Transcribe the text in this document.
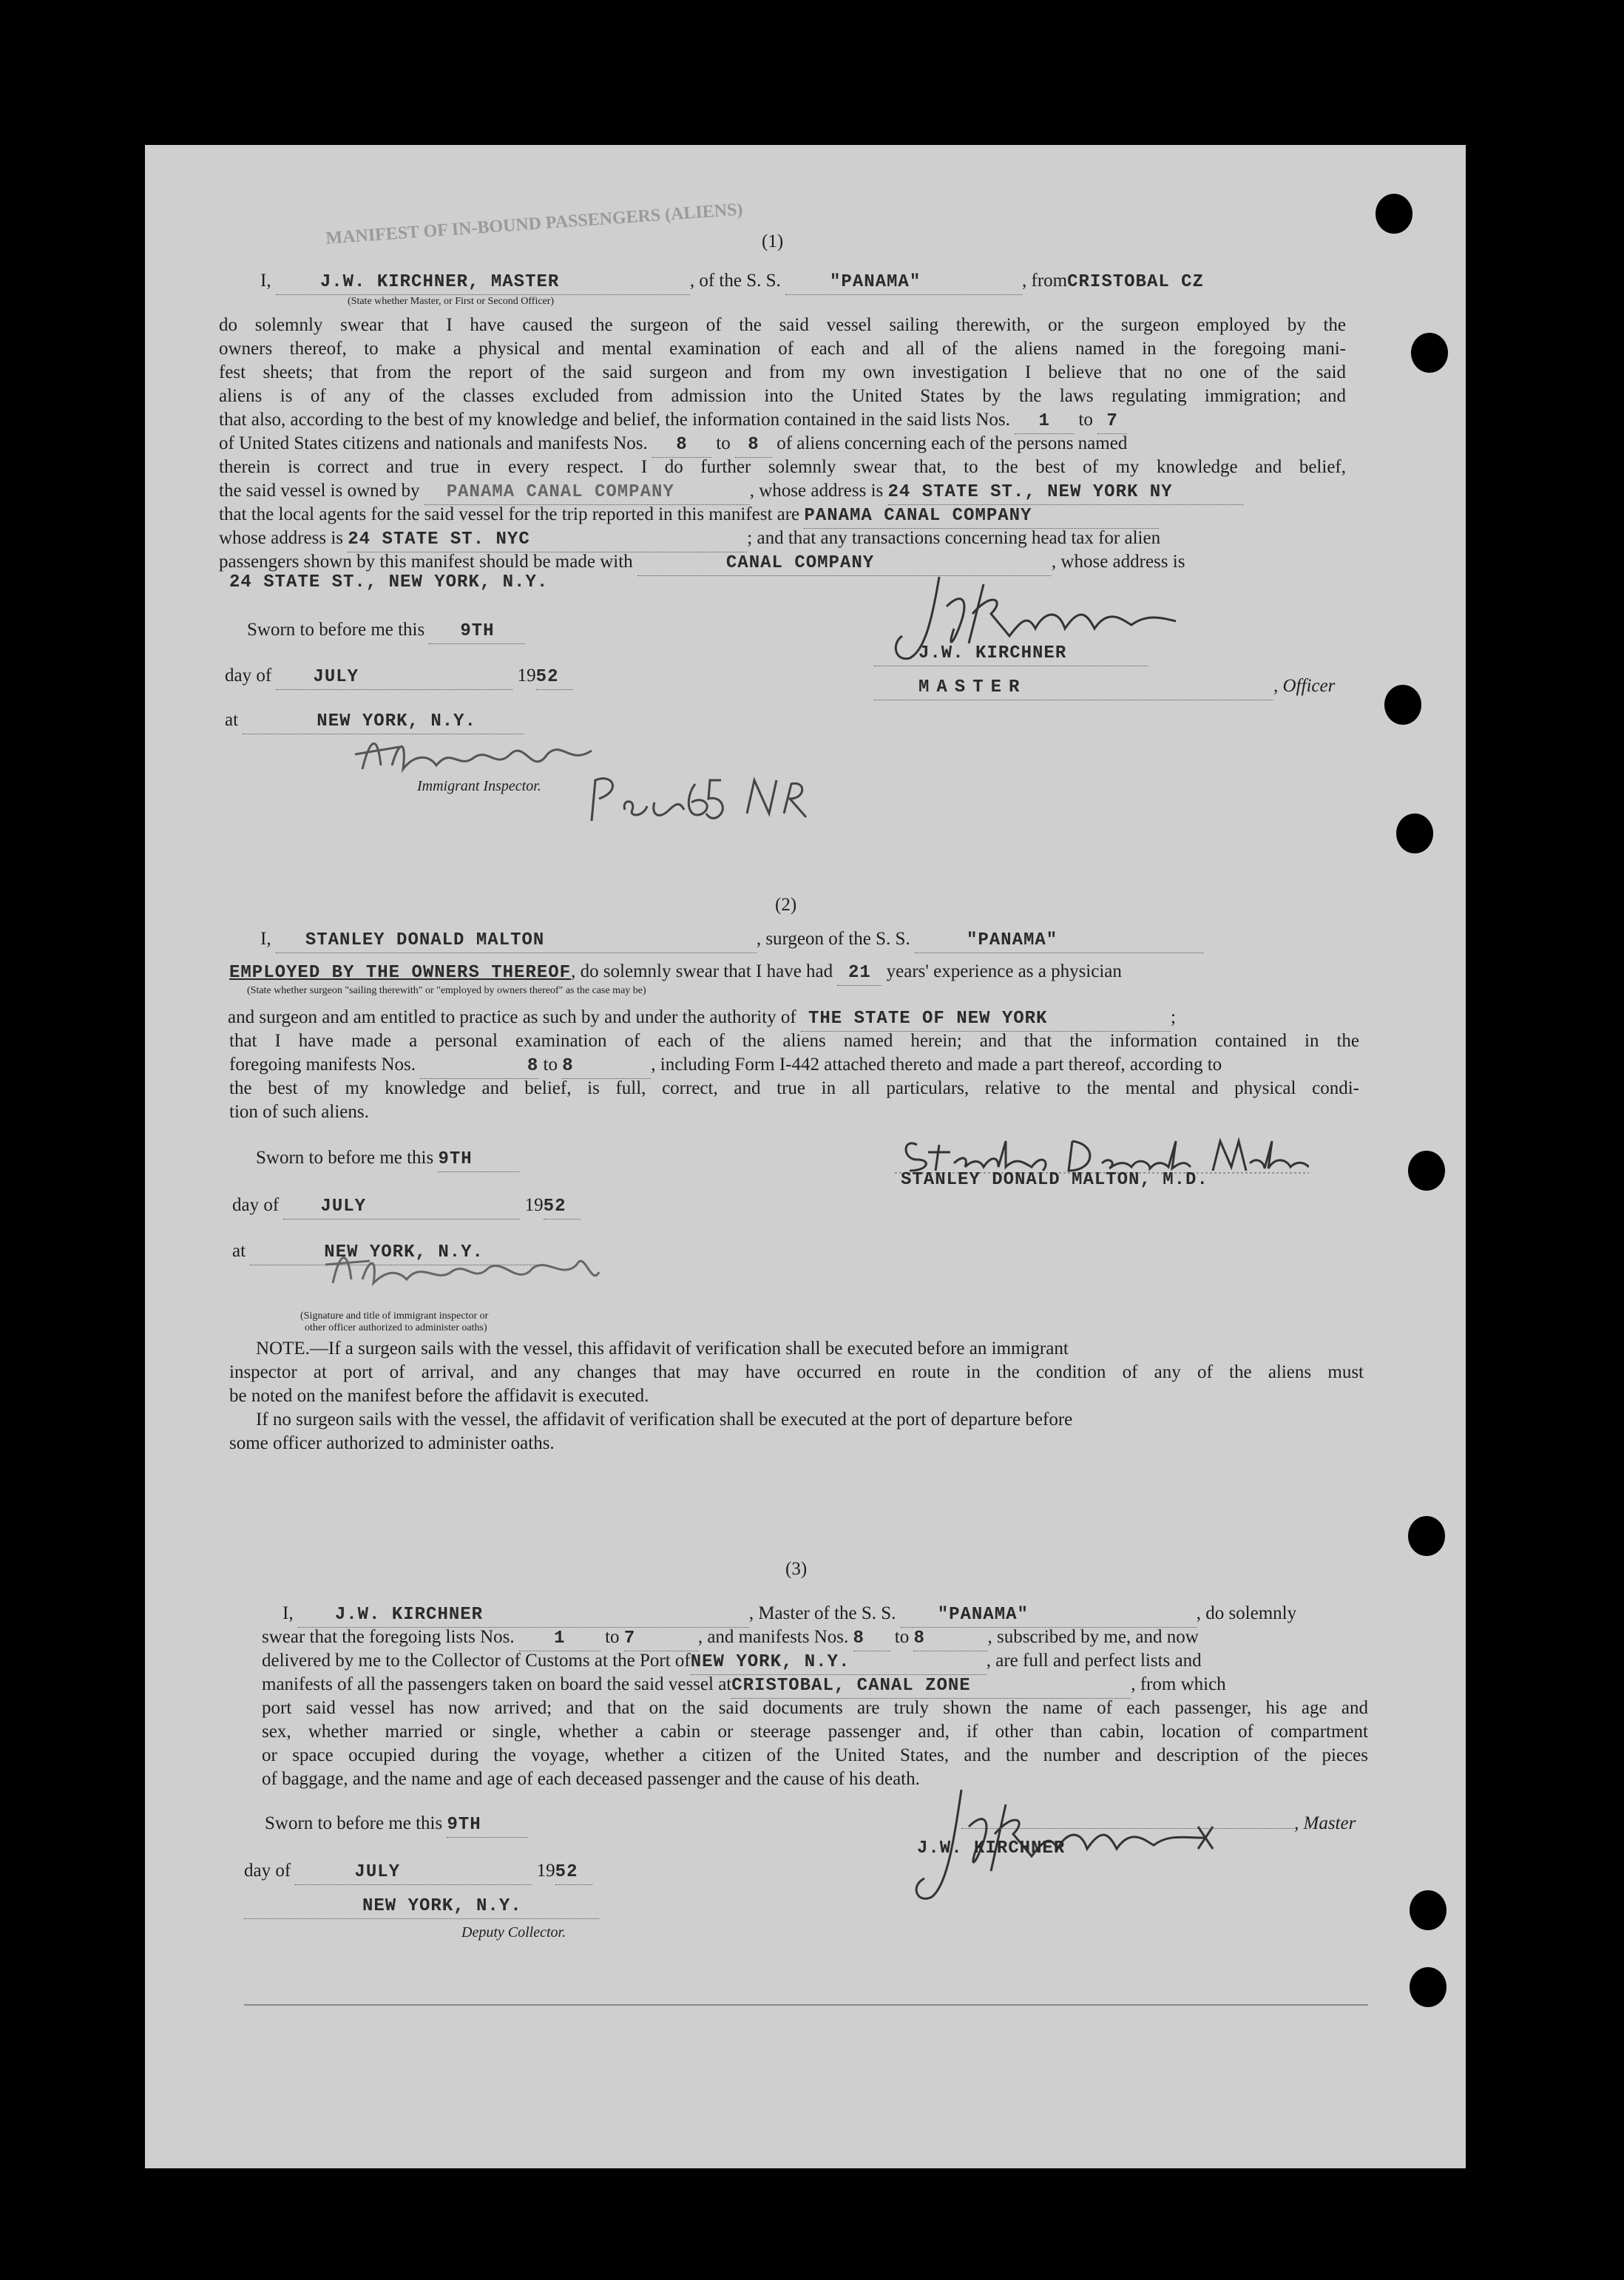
MANIFEST OF IN-BOUND PASSENGERS (ALIENS) (1)
I,	J.W. KIRCHNER, MASTER	, of the S. S.	"PANAMA"	, fromCRISTOBAL CZ
(State whether Master, or First or Second Officer)
do solemnly swear that I have caused the surgeon of the said vessel sailing therewith, or the surgeon employed by the
owners thereof, to make a physical and mental examination of each and all of the aliens named in the foregoing mani-
fest sheets; that from the report of the said surgeon and from my own investigation I believe that no one of the said
aliens is of any of the classes excluded from admission into the United States by the laws regulating immigration; and
that also, according to the best of my knowledge and belief, the information contained in the said lists Nos. 1 to 7
of United States citizens and nationals and manifests Nos. 8 to 8 of aliens concerning each of the persons named
therein is correct and true in every respect. I do further solemnly swear that, to the best of my knowledge and belief,
the said vessel is owned by PANAMA CANAL COMPANY	, whose address is 24 STATE ST., NEW YORK NY
that the local agents for the said vessel for the trip reported in this manifest are PANAMA CANAL COMPANY
whose address is 24 STATE ST. NYC	; and that any transactions concerning head tax for alien
passengers shown by this manifest should be made with	CANAL COMPANY	, whose address is
24 STATE ST., NEW YORK, N.Y.
Sworn to before me this 9TH
day of JULY	1952
at	NEW YORK, N.Y.
Immigrant Inspector.
J.W. KIRCHNER
MASTER	, Officer
(2)
I, STANLEY DONALD MALTON	, surgeon of the S. S.	"PANAMA"
EMPLOYED BY THE OWNERS THEREOF, do solemnly swear that I have had 21 years' experience as a physician
(State whether surgeon "sailing therewith" or "employed by owners thereof" as the case may be)
and surgeon and am entitled to practice as such by and under the authority of THE STATE OF NEW YORK	;
that I have made a personal examination of each of the aliens named herein; and that the information contained in the
foregoing manifests Nos.	8 to 8	, including Form I-442 attached thereto and made a part thereof, according to
the best of my knowledge and belief, is full, correct, and true in all particulars, relative to the mental and physical condi-
tion of such aliens.
Sworn to before me this 9TH
day of JULY	1952
at	NEW YORK, N.Y.
(Signature and title of immigrant inspector or
other officer authorized to administer oaths)
STANLEY DONALD MALTON, M.D.
NOTE.—If a surgeon sails with the vessel, this affidavit of verification shall be executed before an immigrant
inspector at port of arrival, and any changes that may have occurred en route in the condition of any of the aliens must
be noted on the manifest before the affidavit is executed.
If no surgeon sails with the vessel, the affidavit of verification shall be executed at the port of departure before
some officer authorized to administer oaths.
(3)
I, J.W. KIRCHNER	, Master of the S. S. "PANAMA"	, do solemnly
swear that the foregoing lists Nos. 1 to 7	, and manifests Nos. 8 to 8	, subscribed by me, and now
delivered by me to the Collector of Customs at the Port ofNEW YORK, N.Y.	, are full and perfect lists and
manifests of all the passengers taken on board the said vessel atCRISTOBAL, CANAL ZONE	, from which
port said vessel has now arrived; and that on the said documents are truly shown the name of each passenger, his age and
sex, whether married or single, whether a cabin or steerage passenger and, if other than cabin, location of compartment
or space occupied during the voyage, whether a citizen of the United States, and the number and description of the pieces
of baggage, and the name and age of each deceased passenger and the cause of his death.
Sworn to before me this 9TH
day of	JULY	1952
NEW YORK, N.Y.
Deputy Collector.
, Master
J.W. KIRCHNER
